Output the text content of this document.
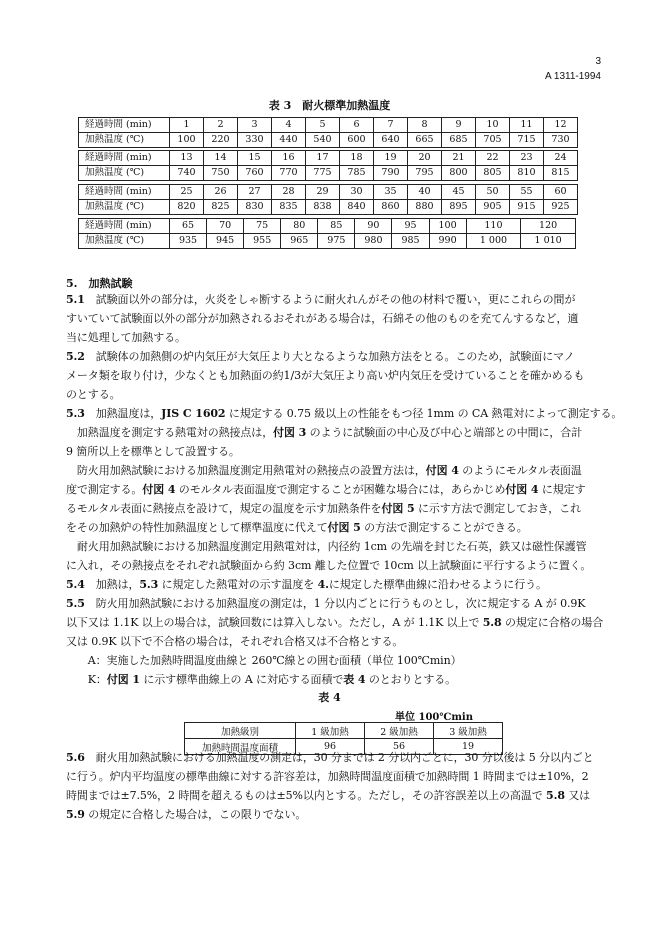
3
A 1311-1994
表 3　耐火標準加熱温度
経過時間 (min)	1	2	3	4	5	6	7	8	9	10	11	12
加熱温度 (℃)	100	220	330	440	540	600	640	665	685	705	715	730
経過時間 (min)	13	14	15	16	17	18	19	20	21	22	23	24
加熱温度 (℃)	740	750	760	770	775	785	790	795	800	805	810	815
経過時間 (min)	25	26	27	28	29	30	35	40	45	50	55	60
加熱温度 (℃)	820	825	830	835	838	840	860	880	895	905	915	925
経過時間 (min)	65	70	75	80	85	90	95	100	110	120		
加熱温度 (℃)	935	945	955	965	975	980	985	990	1 000	1 010		
5.　加熱試験

5.1　試験面以外の部分は，火炎をしゃ断するように耐火れんがその他の材料で覆い，更にこれらの間が

すいていて試験面以外の部分が加熱されるおそれがある場合は，石綿その他のものを充てんするなど，適

当に処理して加熱する。

5.2　試験体の加熱側の炉内気圧が大気圧より大となるような加熱方法をとる。このため，試験面にマノ

メータ類を取り付け，少なくとも加熱面の約1/3が大気圧より高い炉内気圧を受けていることを確かめるも

のとする。

5.3　加熱温度は，JIS C 1602 に規定する 0.75 級以上の性能をもつ径 1mm の CA 熱電対によって測定する。

　加熱温度を測定する熱電対の熱接点は，付図 3 のように試験面の中心及び中心と端部との中間に，合計

9 箇所以上を標準として設置する。

　防火用加熱試験における加熱温度測定用熱電対の熱接点の設置方法は，付図 4 のようにモルタル表面温

度で測定する。付図 4 のモルタル表面温度で測定することが困難な場合には，あらかじめ付図 4 に規定す

るモルタル表面に熱接点を設けて，規定の温度を示す加熱条件を付図 5 に示す方法で測定しておき，これ

をその加熱炉の特性加熱温度として標準温度に代えて付図 5 の方法で測定することができる。

　耐火用加熱試験における加熱温度測定用熱電対は，内径約 1cm の先端を封じた石英，鉄又は磁性保護管

に入れ，その熱接点をそれぞれ試験面から約 3cm 離した位置で 10cm 以上試験面に平行するように置く。

5.4　加熱は，5.3 に規定した熱電対の示す温度を 4.に規定した標準曲線に沿わせるように行う。

5.5　防火用加熱試験における加熱温度の測定は，1 分以内ごとに行うものとし，次に規定する A が 0.9K

以下又は 1.1K 以上の場合は，試験回数には算入しない。ただし，A が 1.1K 以上で 5.8 の規定に合格の場合

又は 0.9K 以下で不合格の場合は，それぞれ合格又は不合格とする。

　　A：実施した加熱時間温度曲線と 260℃線との囲む面積（単位 100℃min）

　　K：付図 1 に示す標準曲線上の A に対応する面積で表 4 のとおりとする。

表 4
単位 100℃min
加熱級別	1 級加熱	2 級加熱	3 級加熱
加熱時間温度面積	96	56	19

5.6　耐火用加熱試験における加熱温度の測定は，30 分までは 2 分以内ごとに，30 分以後は 5 分以内ごと

に行う。炉内平均温度の標準曲線に対する許容差は，加熱時間温度面積で加熱時間 1 時間までは±10%，2

時間までは±7.5%，2 時間を超えるものは±5%以内とする。ただし，その許容誤差以上の高温で 5.8 又は

5.9 の規定に合格した場合は，この限りでない。
